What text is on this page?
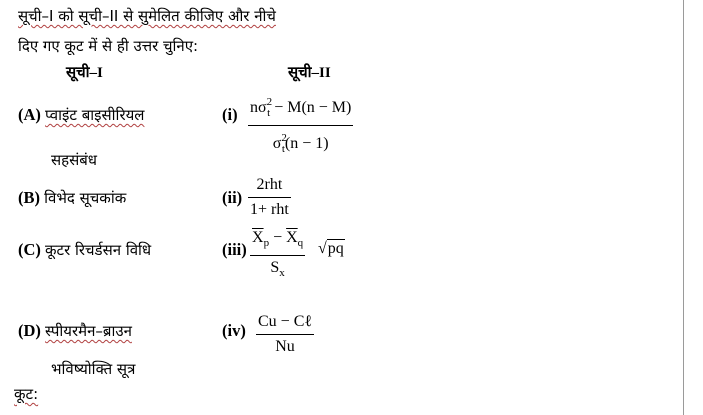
सूची–I को सूची–II से सुमेलित कीजिए और नीचे
दिए गए कूट में से ही उत्तर चुनिए:
सूची–I	सूची–II
(A) प्वाइंट बाइसीरियल
सहसंबंध
(B) विभेद सूचकांक
(C) कूटर रिचर्डसन विधि
(D) स्पीयरमैन–ब्राउन
भविष्योक्ति सूत्र
(i)
(ii)
(iii)
(iv)
$n\sigma^2_t - M(n - M)$
$\sigma^2_t(n - 1)$
2rht
1+ rht
$\overline{X}_p - \overline{X}_q$
$S_x$
√pq
Cu − Cℓ
Nu
कूट:
